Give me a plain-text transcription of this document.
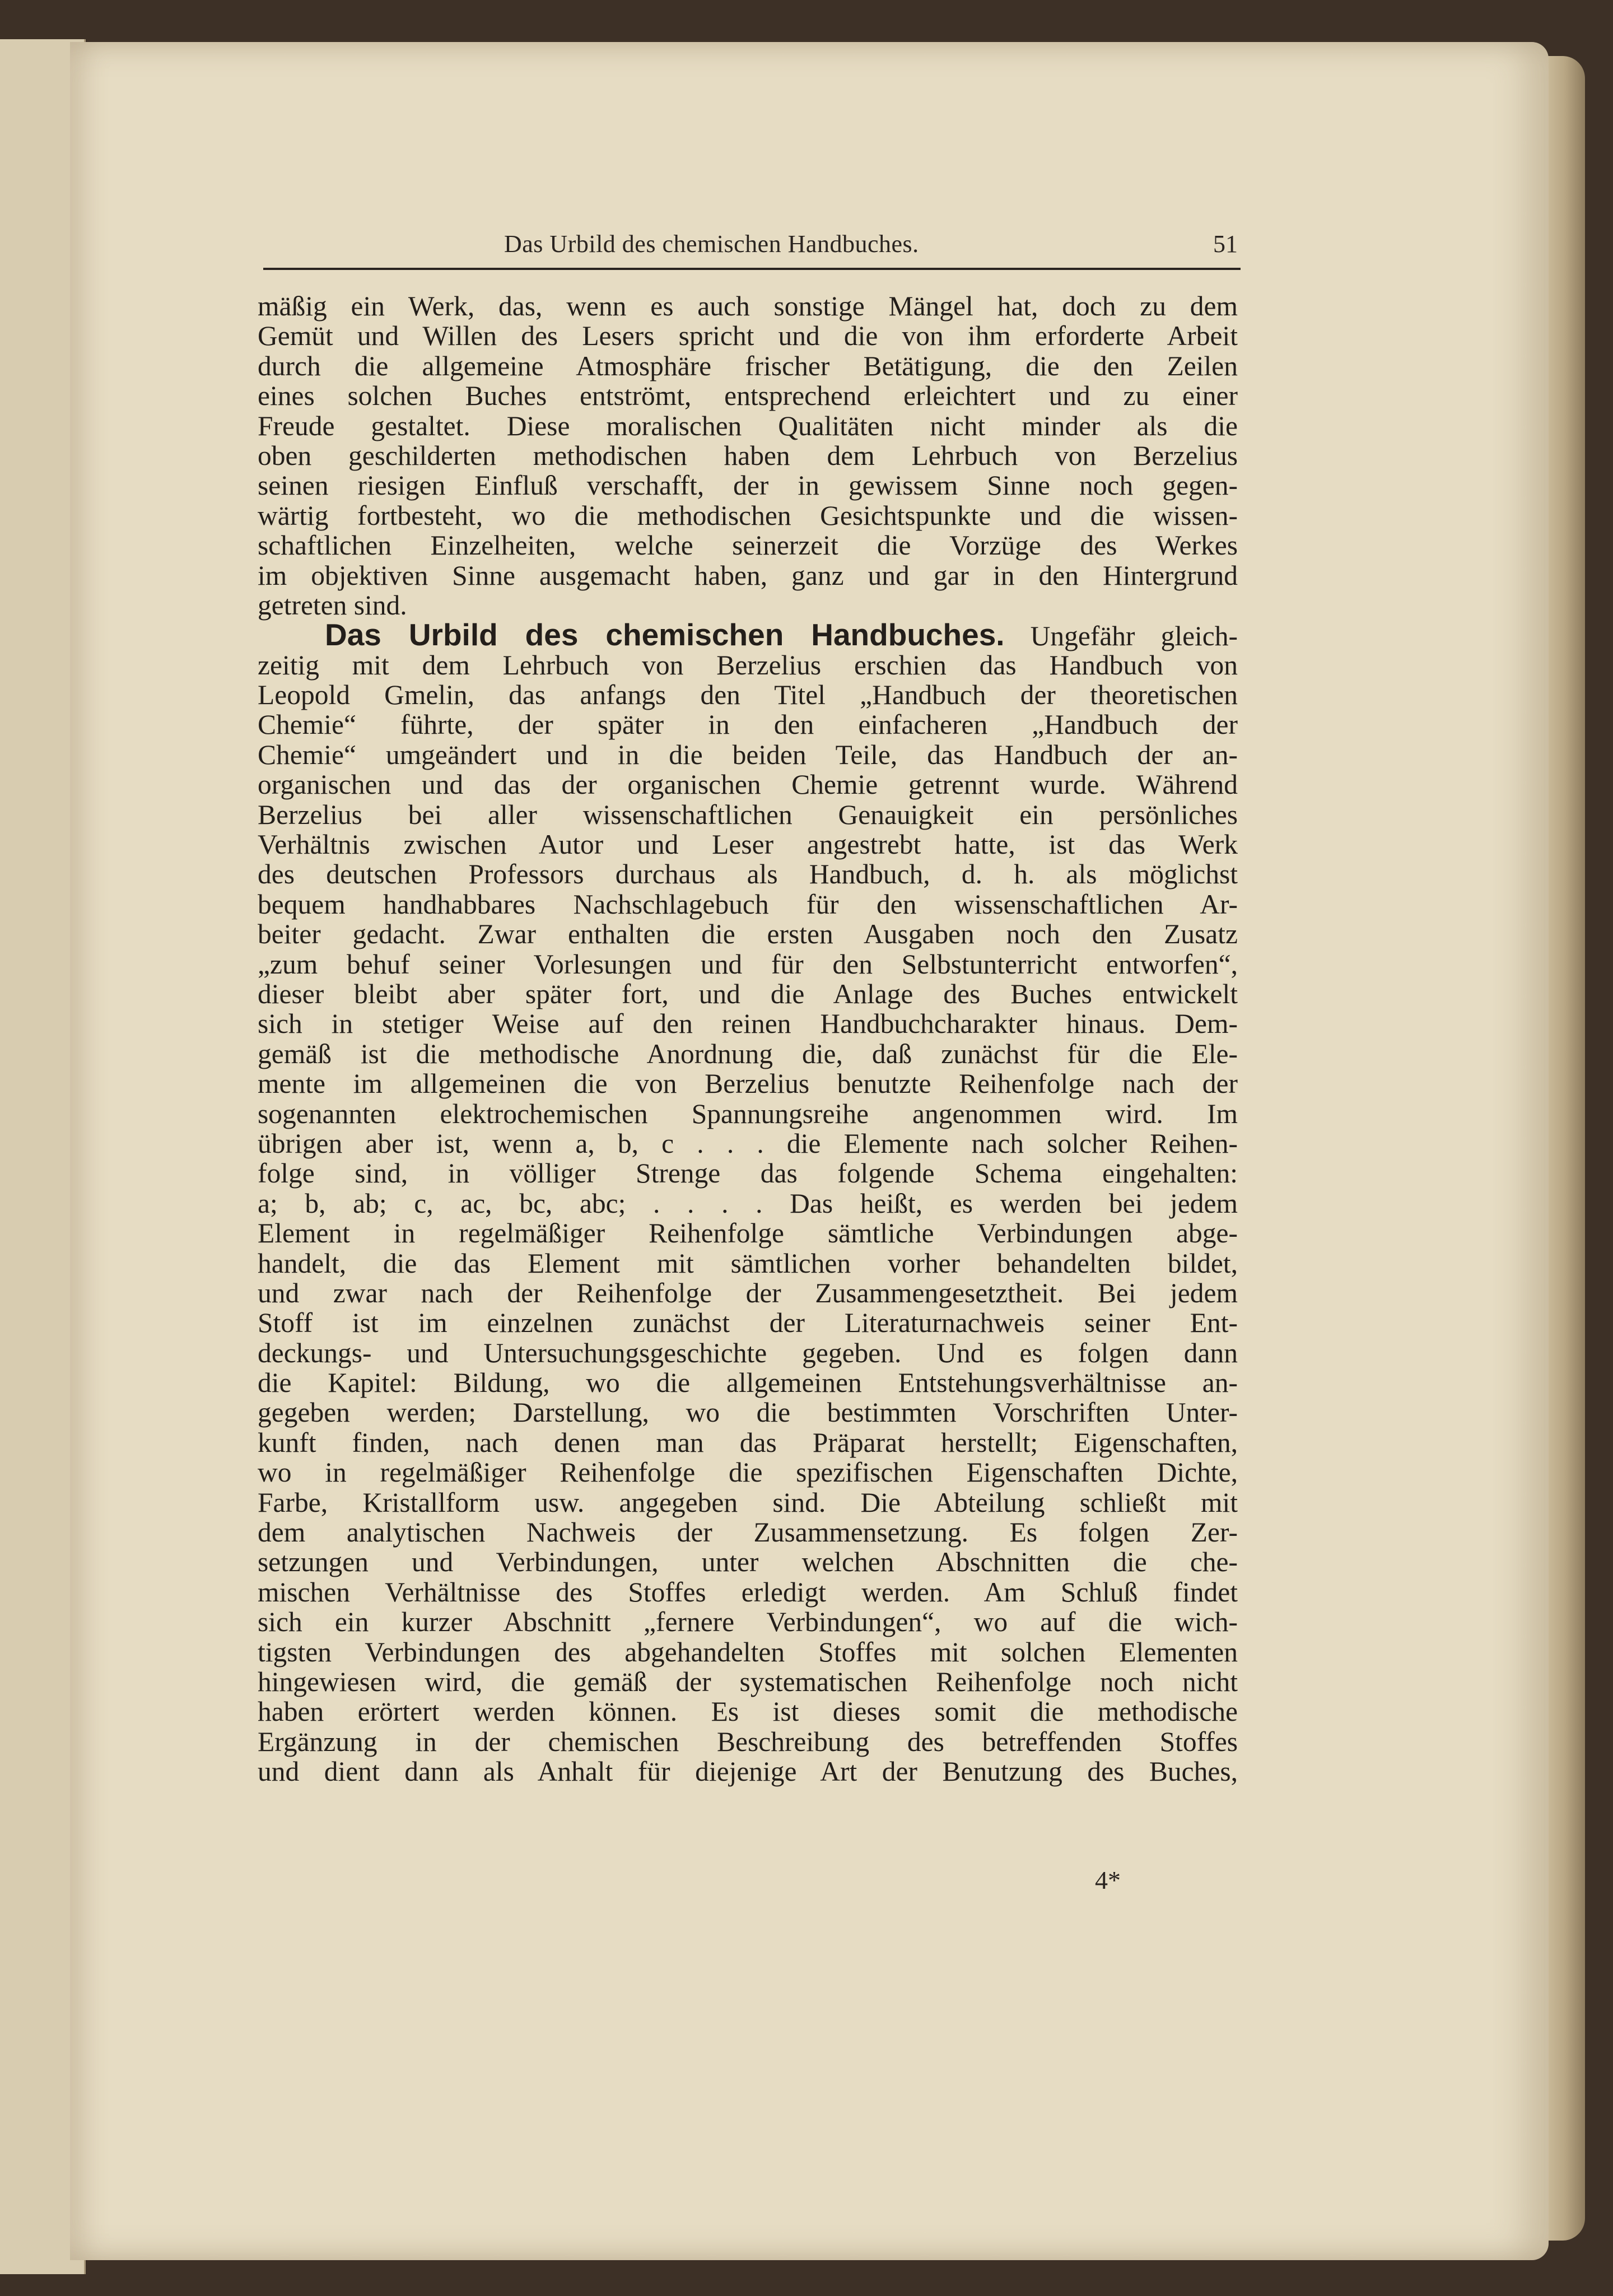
Das Urbild des chemischen Handbuches.	51
mäßig ein Werk, das, wenn es auch sonstige Mängel hat, doch zu dem
Gemüt und Willen des Lesers spricht und die von ihm erforderte Arbeit
durch die allgemeine Atmosphäre frischer Betätigung, die den Zeilen
eines solchen Buches entströmt, entsprechend erleichtert und zu einer
Freude gestaltet. Diese moralischen Qualitäten nicht minder als die
oben geschilderten methodischen haben dem Lehrbuch von Berzelius
seinen riesigen Einfluß verschafft, der in gewissem Sinne noch gegen-
wärtig fortbesteht, wo die methodischen Gesichtspunkte und die wissen-
schaftlichen Einzelheiten, welche seinerzeit die Vorzüge des Werkes
im objektiven Sinne ausgemacht haben, ganz und gar in den Hintergrund
getreten sind.
Das Urbild des chemischen Handbuches. Ungefähr gleich-
zeitig mit dem Lehrbuch von Berzelius erschien das Handbuch von
Leopold Gmelin, das anfangs den Titel „Handbuch der theoretischen
Chemie“ führte, der später in den einfacheren „Handbuch der
Chemie“ umgeändert und in die beiden Teile, das Handbuch der an-
organischen und das der organischen Chemie getrennt wurde. Während
Berzelius bei aller wissenschaftlichen Genauigkeit ein persönliches
Verhältnis zwischen Autor und Leser angestrebt hatte, ist das Werk
des deutschen Professors durchaus als Handbuch, d. h. als möglichst
bequem handhabbares Nachschlagebuch für den wissenschaftlichen Ar-
beiter gedacht. Zwar enthalten die ersten Ausgaben noch den Zusatz
„zum behuf seiner Vorlesungen und für den Selbstunterricht entworfen“,
dieser bleibt aber später fort, und die Anlage des Buches entwickelt
sich in stetiger Weise auf den reinen Handbuchcharakter hinaus. Dem-
gemäß ist die methodische Anordnung die, daß zunächst für die Ele-
mente im allgemeinen die von Berzelius benutzte Reihenfolge nach der
sogenannten elektrochemischen Spannungsreihe angenommen wird. Im
übrigen aber ist, wenn a, b, c . . . die Elemente nach solcher Reihen-
folge sind, in völliger Strenge das folgende Schema eingehalten:
a; b, ab; c, ac, bc, abc; . . . . Das heißt, es werden bei jedem
Element in regelmäßiger Reihenfolge sämtliche Verbindungen abge-
handelt, die das Element mit sämtlichen vorher behandelten bildet,
und zwar nach der Reihenfolge der Zusammengesetztheit. Bei jedem
Stoff ist im einzelnen zunächst der Literaturnachweis seiner Ent-
deckungs- und Untersuchungsgeschichte gegeben. Und es folgen dann
die Kapitel: Bildung, wo die allgemeinen Entstehungsverhältnisse an-
gegeben werden; Darstellung, wo die bestimmten Vorschriften Unter-
kunft finden, nach denen man das Präparat herstellt; Eigenschaften,
wo in regelmäßiger Reihenfolge die spezifischen Eigenschaften Dichte,
Farbe, Kristallform usw. angegeben sind. Die Abteilung schließt mit
dem analytischen Nachweis der Zusammensetzung. Es folgen Zer-
setzungen und Verbindungen, unter welchen Abschnitten die che-
mischen Verhältnisse des Stoffes erledigt werden. Am Schluß findet
sich ein kurzer Abschnitt „fernere Verbindungen“, wo auf die wich-
tigsten Verbindungen des abgehandelten Stoffes mit solchen Elementen
hingewiesen wird, die gemäß der systematischen Reihenfolge noch nicht
haben erörtert werden können. Es ist dieses somit die methodische
Ergänzung in der chemischen Beschreibung des betreffenden Stoffes
und dient dann als Anhalt für diejenige Art der Benutzung des Buches,
4*
